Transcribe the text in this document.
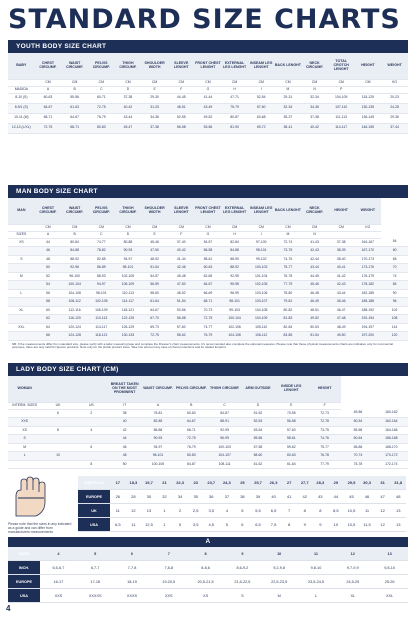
STANDARD SIZE CHARTS
YOUTH BODY SIZE CHART
BABY	CHEST CIRCUMF.	WAIST CIRCUMF.	PELVIS CIRCUMF.	THIGH CIRCUMF.	SHOULDER WIDTH	SLEEVE LENGHT	FRONT CHEST LENGHT	EXTERNAL LEG LENGHT	INSEAM LEG LENGHT	BACK LENGHT	NECK CIRCUMF.	TOTAL CROTCH LENGHT	HEIGHT	WEIGHT
	CM	CM	CM	CM	CM	CM	CM	CM	CM	CM	CM	CM	CM	KG
MADIDA	A	B	C	D	E	F	G	H	I	M	N	P		
8-10 (S)	60-63	55-56	60-71	37-38	29-30	44-45	41-44	47-71	52-54	29-31	32-34	104-109	115-125	20-23
8-9/1 (S)	64-67	61-63	72-75	40-42	31-33	48-51	43-49	75-79	57-60	32-34	34-36	107-110	130-135	24-28
10-11 (M)	68-71	64-67	76-79	43-44	34-36	52-55	49-52	80-87	63-68	35-37	37-38	111-113	136-145	29-36
12-13 (L/XL)	72-75	68-71	80-83	45-47	37-38	56-58	53-56	81-90	69-72	38-41	40-42	114-117	146-155	37-44
MAN BODY SIZE CHART
MAN	CHEST CIRCUMF.	WAIST CIRCUMF.	PELVIS CIRCUMF.	THIGH CIRCUMF.	SHOULDER WIDTH	SLEEVE LENGHT	FRONT CHEST LENGHT	EXTERNAL LEG LENGHT	INSEAM LEG LENGHT	BACK LENGHT	NECK CIRCUMF.	HEIGHT	WEIGHT	
	CM	CM	CM	CM	CM	CM	CM	CM	CM	CM	CM	CM	KG	
SIZES	A	B	C	D	E	F	G	H	I	M	N			
XS	44	80-84	74-77	80-88	45-46	37-40	54-57	82-84	97-100	72-74	41-43	37-38	164-167	54
	46	84-88	78-82	90-93	47-50	40-42	56-58	84-88	98-101	73-75	42-43	38-39	167-170	60
S	48	88-92	82-85	94-97	48-52	41-44	58-61	88-90	99-102	74-76	42-44	38-40	170-173	65
	50	92-96	86-89	98-101	51-54	42-46	60-63	88-92	100-103	75-77	43-44	40-41	173-176	70
M	52	96-100	88-93	102-105	54-57	45-48	62-65	92-95	101-104	76-78	44-45	41-42	176-179	74
	54	100-104	94-97	106-109	56-59	47-50	64-67	95-98	102-105	77-79	45-46	42-43	178-182	84
L	56	104-108	98-101	110-113	58-60	48-52	66-69	96-99	103-106	78-80	46-48	43-44	182-185	90
	58	108-112	102-105	114-117	61-64	51-54	68-71	98-101	103-107	79-81	46-49	45-46	185-188	96
XL	60	112-116	106-109	118-121	64-67	53-56	70-73	99-103	104-108	80-82	48-51	46-47	188-192	102
	62	116-120	110-113	122-125	67-70	56-58	72-75	100-104	104-109	81-83	49-52	47-48	192-194	108
XXL	64	120-124	114-117	126-129	69-73	57-60	74-77	102-106	105-110	82-84	50-53	48-49	194-197	114
	66	124-128	118-121	130-133	72-75	58-62	76-79	104-108	106-112	83-85	51-54	49-50	197-200	120
NB: If the measurements differ from standard size, please verify with a tailor measuring tape and complete the Dresser's chart measurements. It's recommended also complete the optional measures. Please note that these physical measurements charts are indicative only for commercial purposes, there are only valid for Sparco products. Note only for the profile product sizes. Take into account any case of chest protections and its related footprint.
LADY BODY SIZE CHART (CM)
WOMAN			BREAST TAKEN ON THE MOST PROMINENT	WAIST CIRCUMF.	PELVIS CIRCUMF.	THIGH CIRCUMF.	ARM OUTSIDE	INSIDE LEG LENGHT	HEIGHT		
INTERM. SIZES	UK	US	IT	A	B	C	D	E	F		
	6	2	38	78-81	60-63	84-87	51-52	70-55	72-73	45-86	160-162
XXS			40	82-85	64-67	88-91	52-53	56-58	72-78	50-54	162-164
XS	8	4	42	86-88	68-71	92-95	53-54	57-60	73-75	55-58	164-166
S			44	90-93	72-75	96-99	55-56	58-61	74-76	60-64	166-168
M		6	46	94-97	76-79	100-103	57-58	59-62	75-77	65-86	168-170
L	10		48	98-101	80-83	104-107	58-60	60-63	76-78	70-74	170-172
		8	50	100-105	84-87	108-111	61-62	61-64	77-79	75-78	172-174
Please note that the sizes in any indicated as a guide and can differ from manufacturers measurements
WIDTH CM	17	18,3	19,7	21	22,3	23	23,7	24,3	25	25,7	26,3	27	27,7	28,3	29	29,5	30,3	31	31,8
EUROPE	26	28	30	32	34	35	36	37	38	39	40	41	42	43	44	45	46	47	48
UK	11	12	13	1	2	2,5	3,5	4	5	5,5	6,5	7	8	8	8,5	10,5	11	12	13
USA	6,5	11	12,5	1	5	3,5	4,5	5	6	6,5	7,5	8	9	9	10	10,5	11,5	12	13
A
SIZES	4	5	6	7	8	9	10	11	12	13
INCH.	6,5-6,7	6,7-7	7-7,8	7,8-8	8-8,6	8,6-9,2	9,2-9,8	9,8-10	9,7-9,9	9,8-10
EUROPE	16-17	17-18	18-19	19-20,5	20,5-21,5	21,5-22,5	22,5-23,5	23,5-24,5	24,5-25	25-26
USA	XXS	XXXXS	XXXS	XXS	XS	S	M	L	XL	XXL
4
